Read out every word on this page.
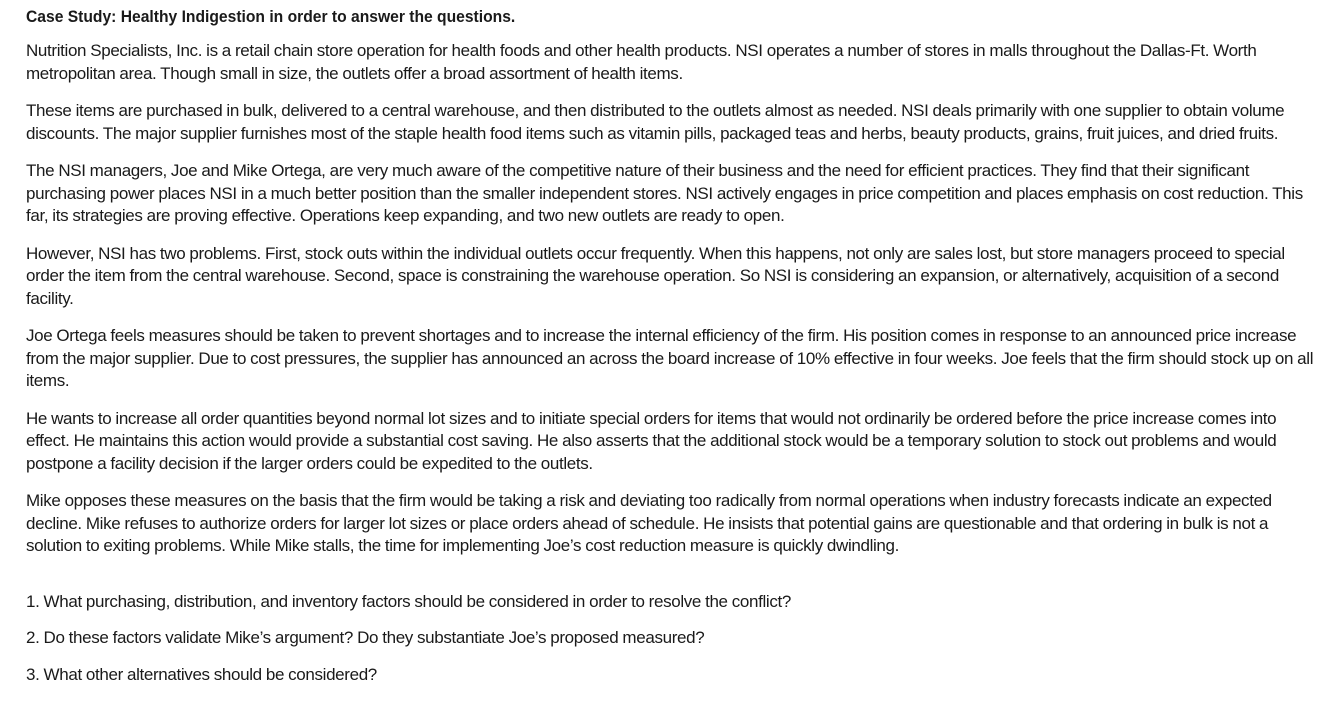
Case Study: Healthy Indigestion in order to answer the questions.

Nutrition Specialists, Inc. is a retail chain store operation for health foods and other health products. NSI operates a number of stores in malls throughout the Dallas-Ft. Worth metropolitan area. Though small in size, the outlets offer a broad assortment of health items.

These items are purchased in bulk, delivered to a central warehouse, and then distributed to the outlets almost as needed. NSI deals primarily with one supplier to obtain volume discounts. The major supplier furnishes most of the staple health food items such as vitamin pills, packaged teas and herbs, beauty products, grains, fruit juices, and dried fruits.

The NSI managers, Joe and Mike Ortega, are very much aware of the competitive nature of their business and the need for efficient practices. They find that their significant purchasing power places NSI in a much better position than the smaller independent stores. NSI actively engages in price competition and places emphasis on cost reduction. This far, its strategies are proving effective. Operations keep expanding, and two new outlets are ready to open.

However, NSI has two problems. First, stock outs within the individual outlets occur frequently. When this happens, not only are sales lost, but store managers proceed to special order the item from the central warehouse. Second, space is constraining the warehouse operation. So NSI is considering an expansion, or alternatively, acquisition of a second facility.

Joe Ortega feels measures should be taken to prevent shortages and to increase the internal efficiency of the firm. His position comes in response to an announced price increase from the major supplier. Due to cost pressures, the supplier has announced an across the board increase of 10% effective in four weeks. Joe feels that the firm should stock up on all items.

He wants to increase all order quantities beyond normal lot sizes and to initiate special orders for items that would not ordinarily be ordered before the price increase comes into effect. He maintains this action would provide a substantial cost saving. He also asserts that the additional stock would be a temporary solution to stock out problems and would postpone a facility decision if the larger orders could be expedited to the outlets.

Mike opposes these measures on the basis that the firm would be taking a risk and deviating too radically from normal operations when industry forecasts indicate an expected decline. Mike refuses to authorize orders for larger lot sizes or place orders ahead of schedule. He insists that potential gains are questionable and that ordering in bulk is not a solution to exiting problems. While Mike stalls, the time for implementing Joe’s cost reduction measure is quickly dwindling.

1. What purchasing, distribution, and inventory factors should be considered in order to resolve the conflict?

2. Do these factors validate Mike’s argument? Do they substantiate Joe’s proposed measured?

3. What other alternatives should be considered?
